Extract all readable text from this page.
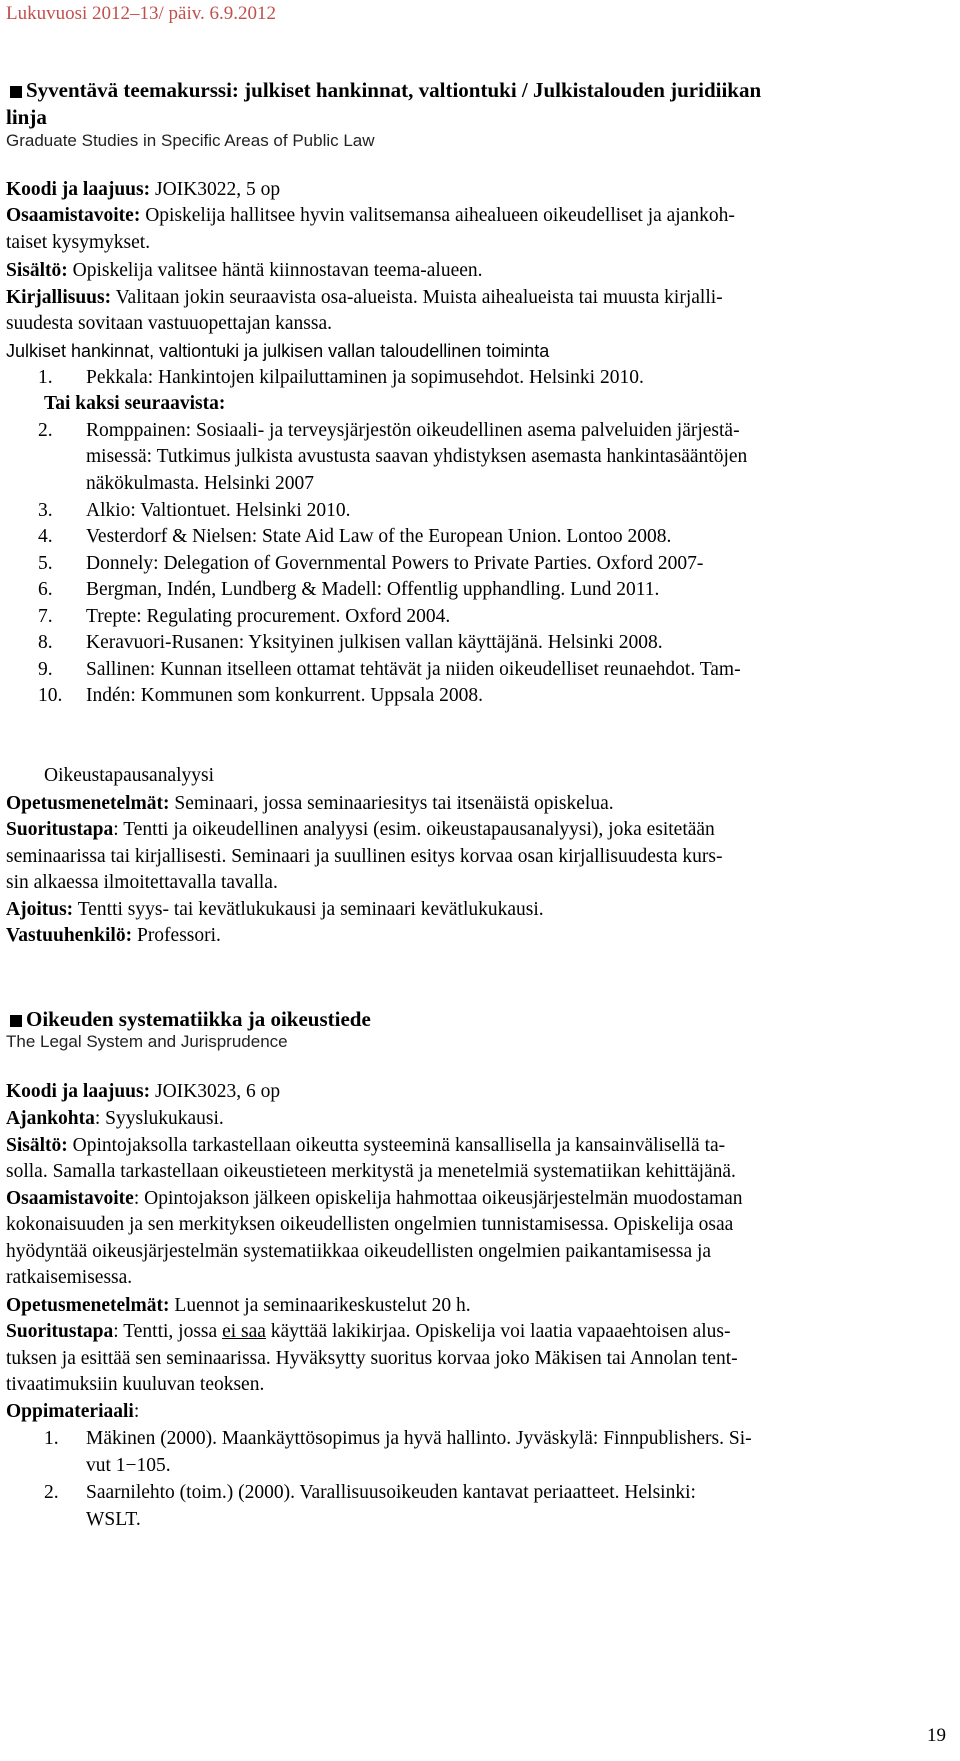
Lukuvuosi 2012–13/ päiv. 6.9.2012
Syventävä teemakurssi: julkiset hankinnat, valtiontuki / Julkistalouden juridiikan
linja
Graduate Studies in Specific Areas of Public Law
Koodi ja laajuus: JOIK3022, 5 op
Osaamistavoite: Opiskelija hallitsee hyvin valitsemansa aihealueen oikeudelliset ja ajankoh-
taiset kysymykset.
Sisältö: Opiskelija valitsee häntä kiinnostavan teema-alueen.
Kirjallisuus: Valitaan jokin seuraavista osa-alueista. Muista aihealueista tai muusta kirjalli-
suudesta sovitaan vastuuopettajan kanssa.
Julkiset hankinnat, valtiontuki ja julkisen vallan taloudellinen toiminta
1. Pekkala: Hankintojen kilpailuttaminen ja sopimusehdot. Helsinki 2010.
Tai kaksi seuraavista:
2. Romppainen: Sosiaali- ja terveysjärjestön oikeudellinen asema palveluiden järjestä-
misessä: Tutkimus julkista avustusta saavan yhdistyksen asemasta hankintasääntöjen
näkökulmasta. Helsinki 2007
3. Alkio: Valtiontuet. Helsinki 2010.
4. Vesterdorf & Nielsen: State Aid Law of the European Union. Lontoo 2008.
5. Donnely: Delegation of Governmental Powers to Private Parties. Oxford 2007-
6. Bergman, Indén, Lundberg & Madell: Offentlig upphandling. Lund 2011.
7. Trepte: Regulating procurement. Oxford 2004.
8. Keravuori-Rusanen: Yksityinen julkisen vallan käyttäjänä. Helsinki 2008.
9. Sallinen: Kunnan itselleen ottamat tehtävät ja niiden oikeudelliset reunaehdot. Tam-
10. Indén: Kommunen som konkurrent. Uppsala 2008.
Oikeustapausanalyysi
Opetusmenetelmät: Seminaari, jossa seminaariesitys tai itsenäistä opiskelua.
Suoritustapa: Tentti ja oikeudellinen analyysi (esim. oikeustapausanalyysi), joka esitetään
seminaarissa tai kirjallisesti. Seminaari ja suullinen esitys korvaa osan kirjallisuudesta kurs-
sin alkaessa ilmoitettavalla tavalla.
Ajoitus: Tentti syys- tai kevätlukukausi ja seminaari kevätlukukausi.
Vastuuhenkilö: Professori.
Oikeuden systematiikka ja oikeustiede
The Legal System and Jurisprudence
Koodi ja laajuus: JOIK3023, 6 op
Ajankohta: Syyslukukausi.
Sisältö: Opintojaksolla tarkastellaan oikeutta systeeminä kansallisella ja kansainvälisellä ta-
solla. Samalla tarkastellaan oikeustieteen merkitystä ja menetelmiä systematiikan kehittäjänä.
Osaamistavoite: Opintojakson jälkeen opiskelija hahmottaa oikeusjärjestelmän muodostaman
kokonaisuuden ja sen merkityksen oikeudellisten ongelmien tunnistamisessa. Opiskelija osaa
hyödyntää oikeusjärjestelmän systematiikkaa oikeudellisten ongelmien paikantamisessa ja
ratkaisemisessa.
Opetusmenetelmät: Luennot ja seminaarikeskustelut 20 h.
Suoritustapa: Tentti, jossa ei saa käyttää lakikirjaa. Opiskelija voi laatia vapaaehtoisen alus-
tuksen ja esittää sen seminaarissa. Hyväksytty suoritus korvaa joko Mäkisen tai Annolan tent-
tivaatimuksiin kuuluvan teoksen.
Oppimateriaali:
1. Mäkinen (2000). Maankäyttösopimus ja hyvä hallinto. Jyväskylä: Finnpublishers. Si-
vut 1−105.
2. Saarnilehto (toim.) (2000). Varallisuusoikeuden kantavat periaatteet. Helsinki:
WSLT.
19
